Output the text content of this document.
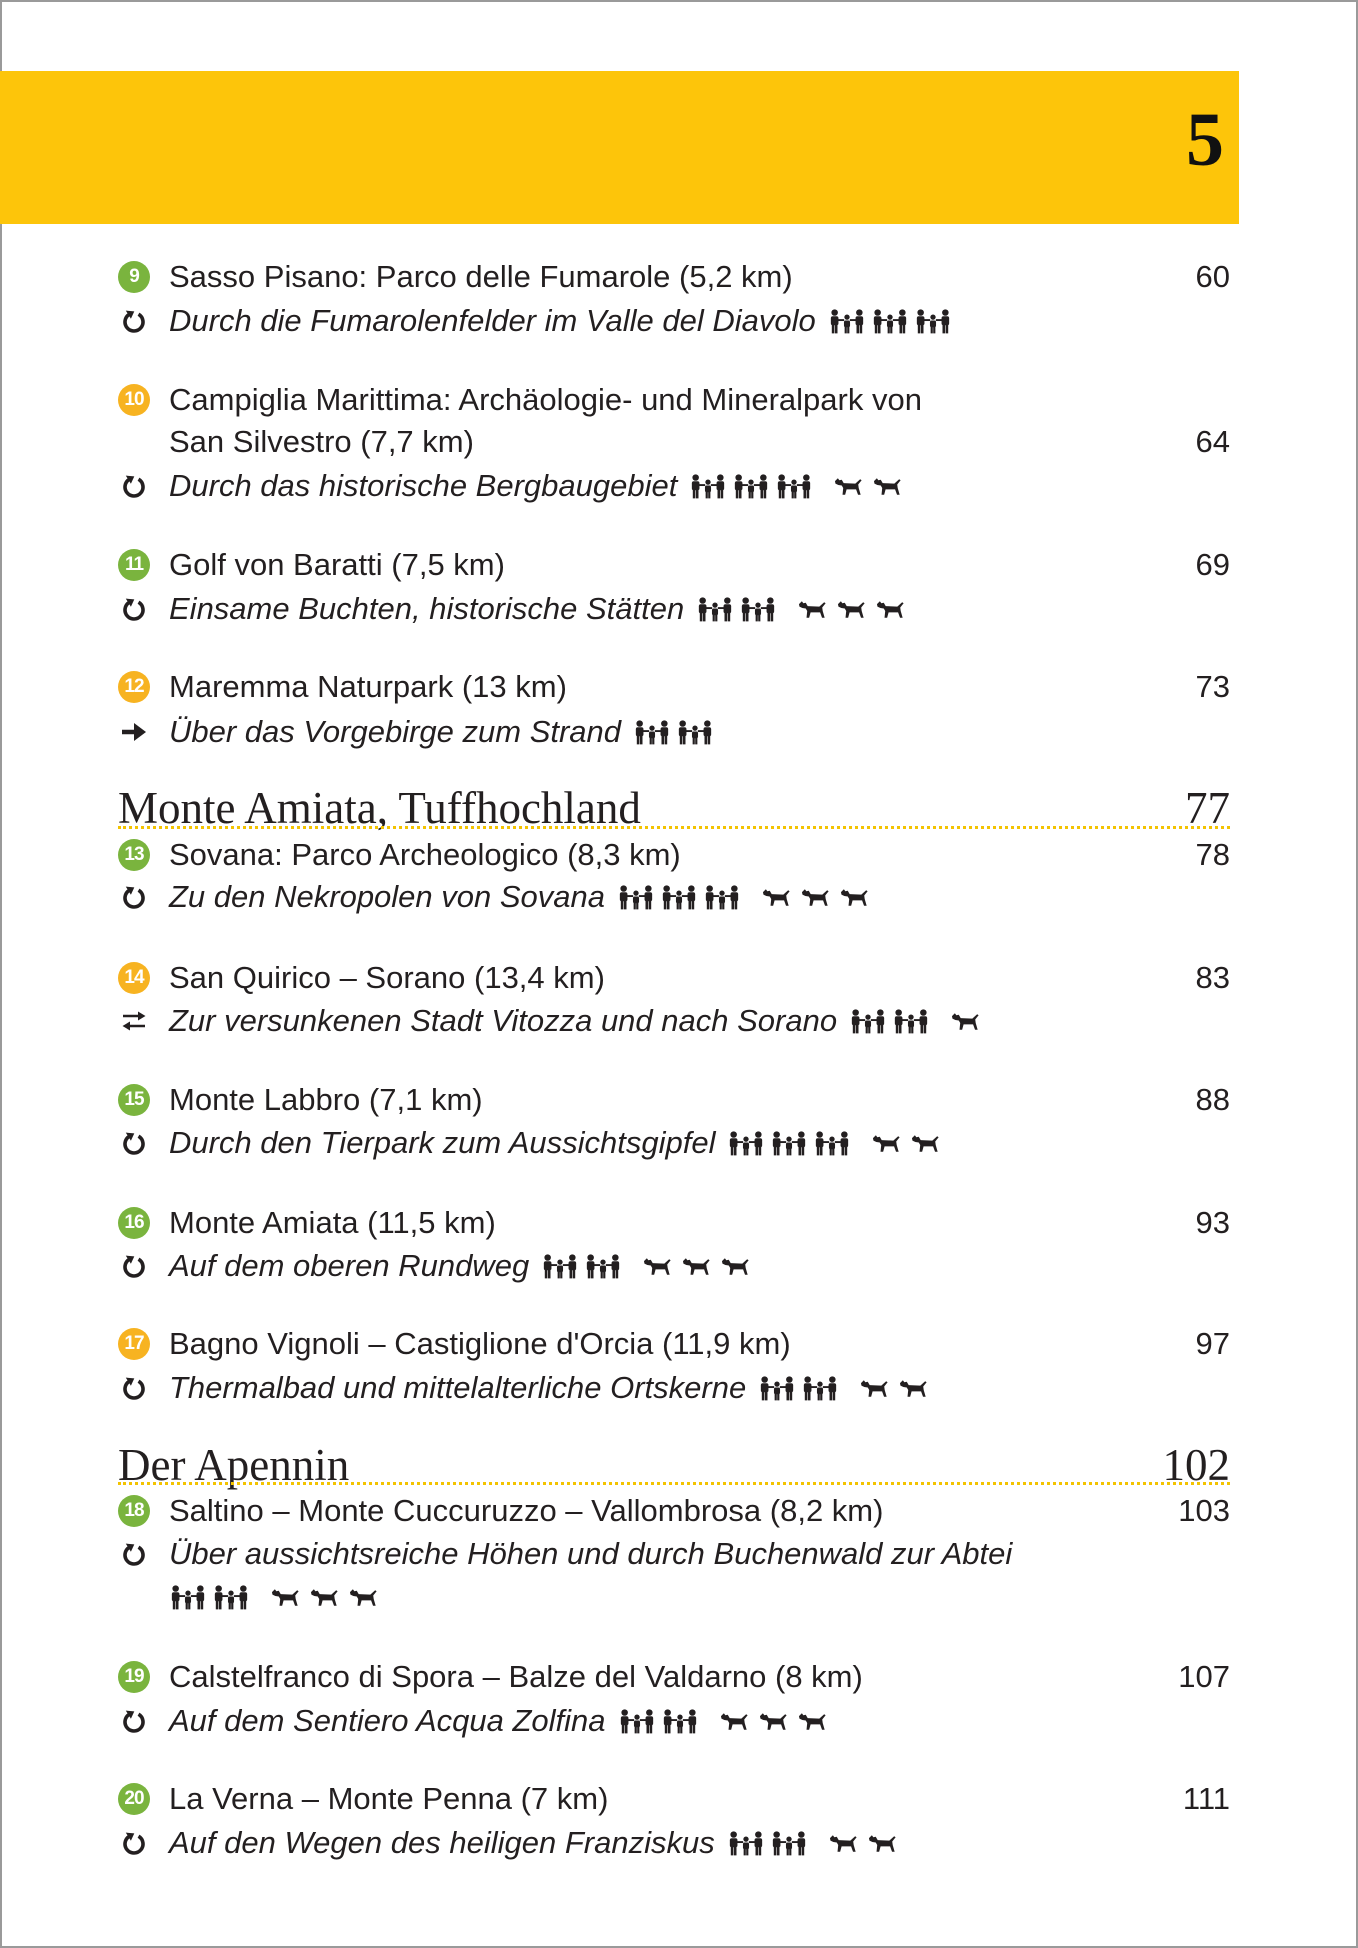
5
9 Sasso Pisano: Parco delle Fumarole (5,2 km)	60
Durch die Fumarolenfelder im Valle del Diavolo
10 Campiglia Marittima: Archäologie- und Mineralpark von
San Silvestro (7,7 km)	64
Durch das historische Bergbaugebiet
11 Golf von Baratti (7,5 km)	69
Einsame Buchten, historische Stätten
12 Maremma Naturpark (13 km)	73
Über das Vorgebirge zum Strand
Monte Amiata, Tuffhochland	77
13 Sovana: Parco Archeologico (8,3 km)	78
Zu den Nekropolen von Sovana
14 San Quirico – Sorano (13,4 km)	83
Zur versunkenen Stadt Vitozza und nach Sorano
15 Monte Labbro (7,1 km)	88
Durch den Tierpark zum Aussichtsgipfel
16 Monte Amiata (11,5 km)	93
Auf dem oberen Rundweg
17 Bagno Vignoli – Castiglione d'Orcia (11,9 km)	97
Thermalbad und mittelalterliche Ortskerne
Der Apennin	102
18 Saltino – Monte Cuccuruzzo – Vallombrosa (8,2 km)	103
Über aussichtsreiche Höhen und durch Buchenwald zur Abtei
19 Calstelfranco di Spora – Balze del Valdarno (8 km)	107
Auf dem Sentiero Acqua Zolfina
20 La Verna – Monte Penna (7 km)	111
Auf den Wegen des heiligen Franziskus
